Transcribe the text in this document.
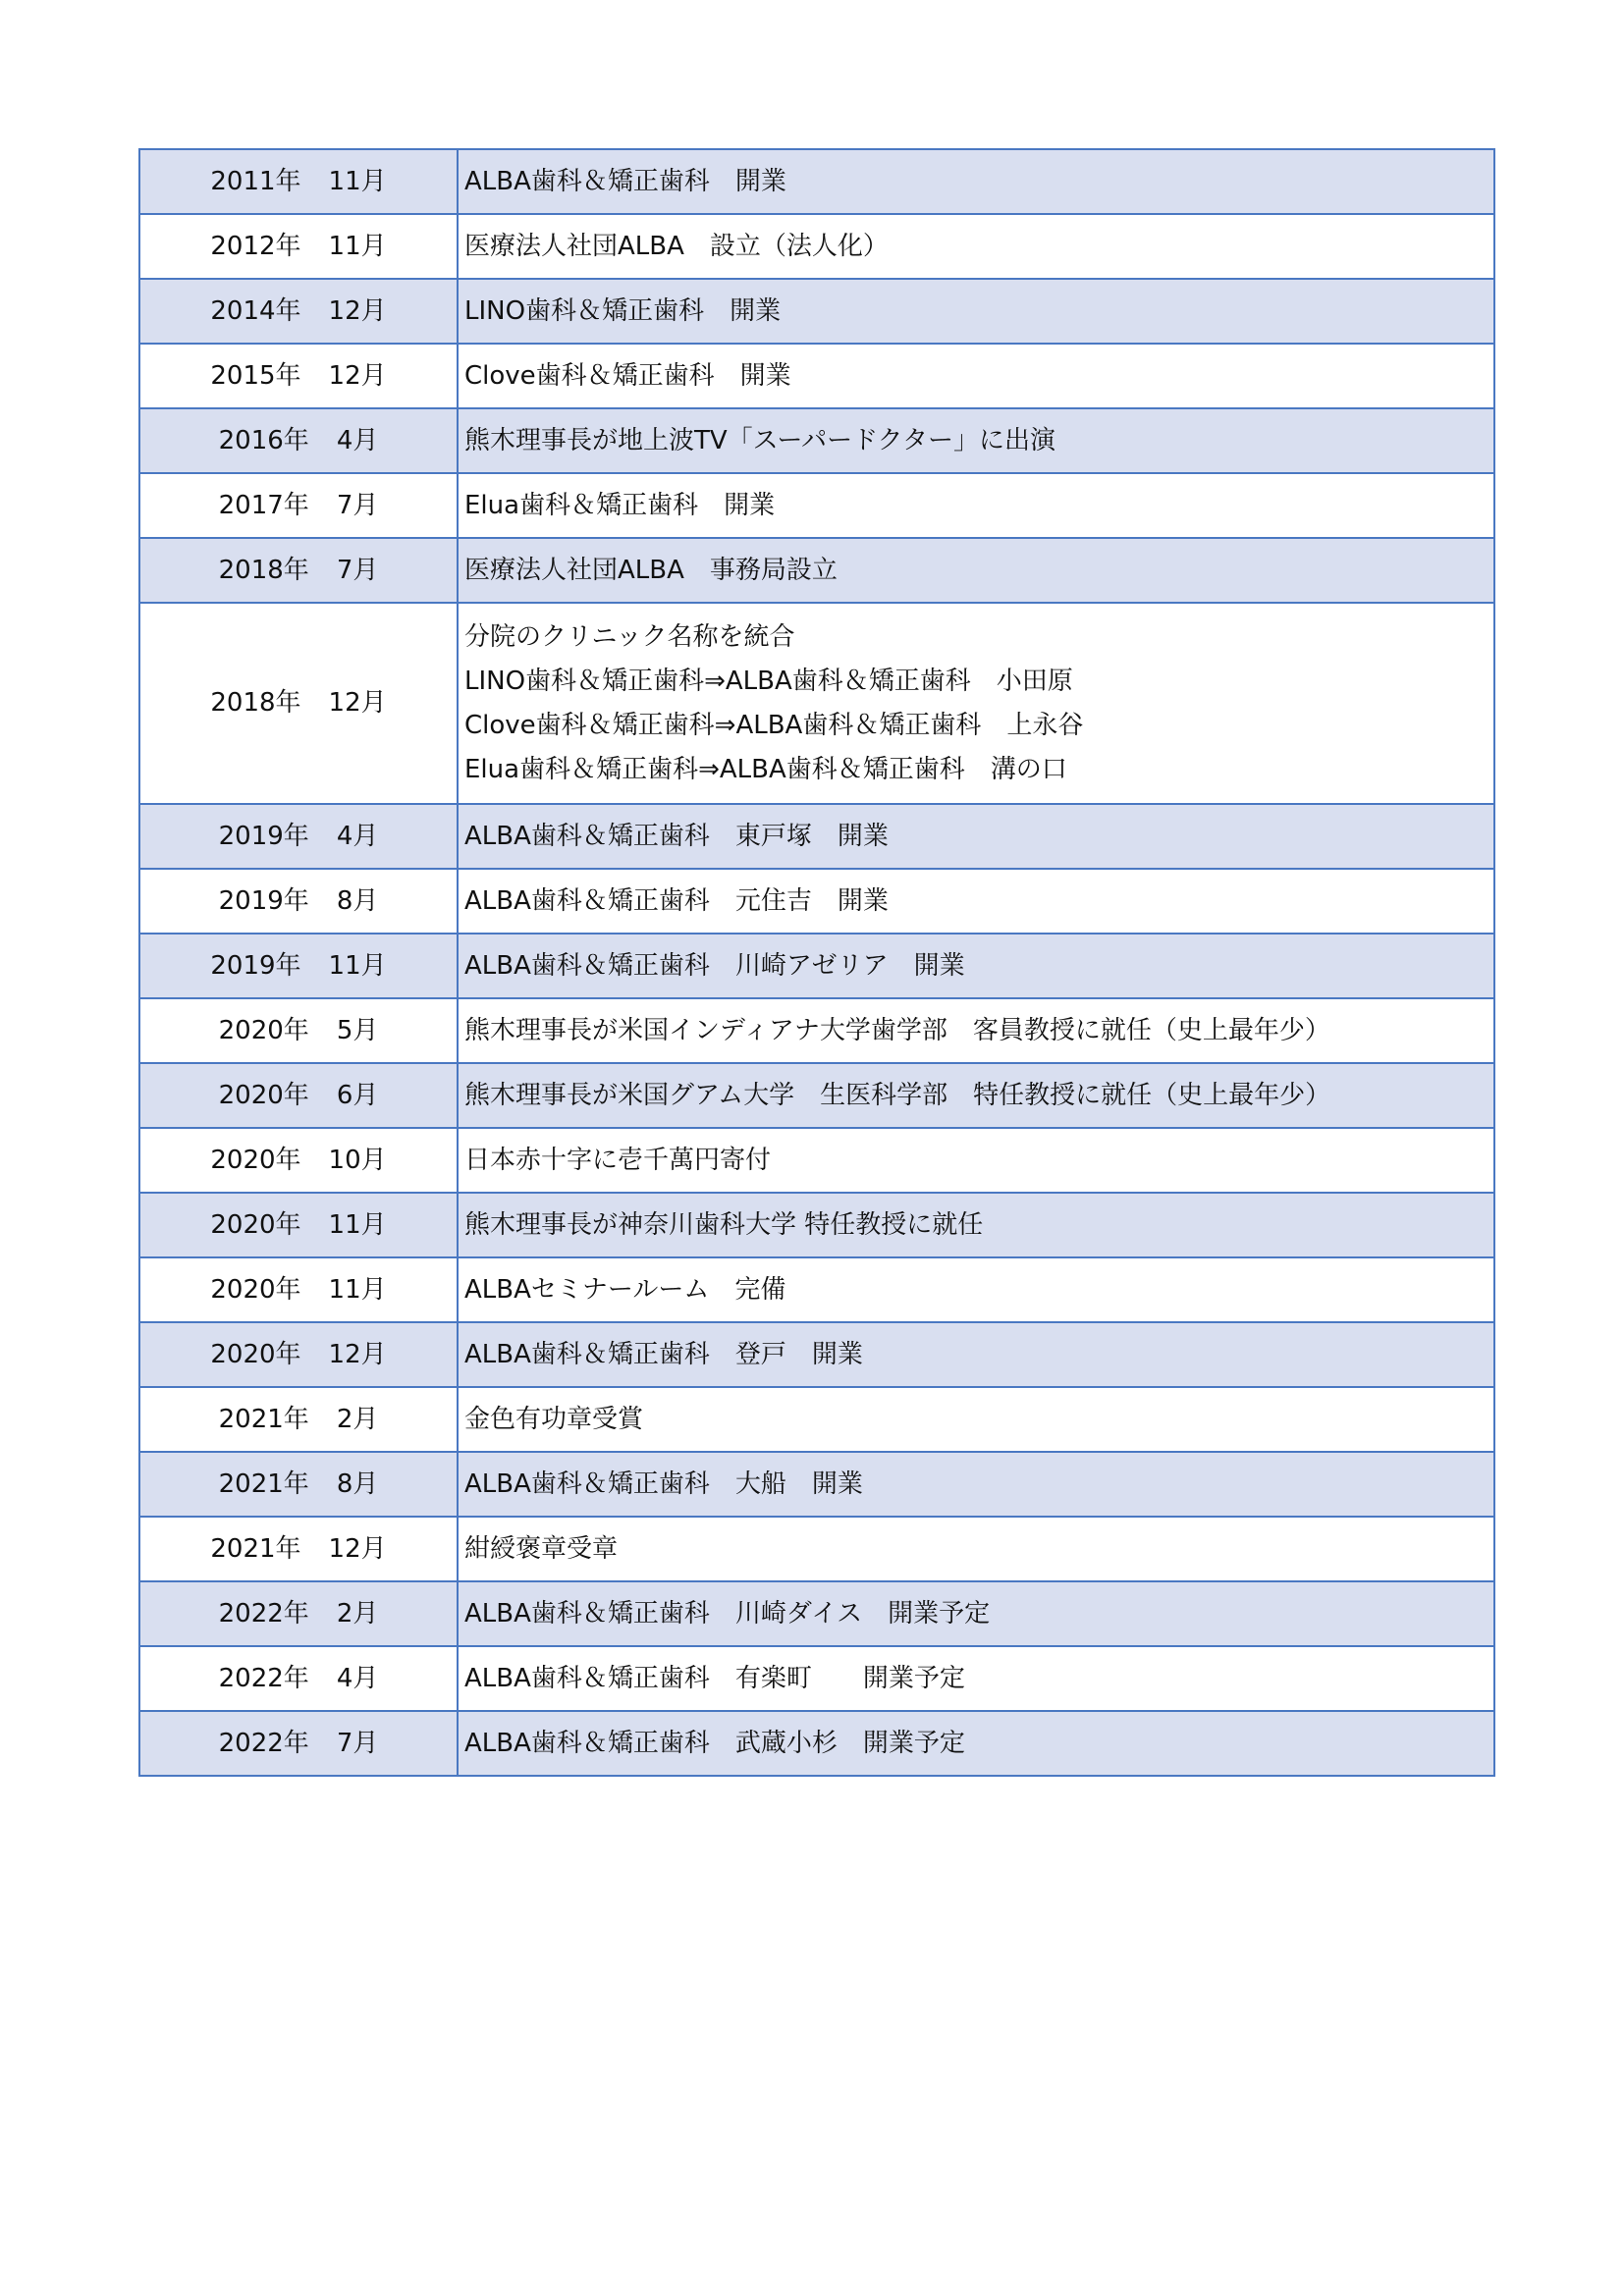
2011年 11月	ALBA歯科＆矯正歯科　開業

2012年 11月	医療法人社団ALBA　設立（法人化）

2014年 12月	LINO歯科＆矯正歯科　開業

2015年 12月	Clove歯科＆矯正歯科　開業

2016年 4月	熊木理事長が地上波TV「スーパードクター」に出演

2017年 7月	Elua歯科＆矯正歯科　開業

2018年 7月	医療法人社団ALBA　事務局設立

2018年 12月	分院のクリニック名称を統合
LINO歯科＆矯正歯科⇒ALBA歯科＆矯正歯科　小田原
Clove歯科＆矯正歯科⇒ALBA歯科＆矯正歯科　上永谷
Elua歯科＆矯正歯科⇒ALBA歯科＆矯正歯科　溝の口

2019年 4月	ALBA歯科＆矯正歯科　東戸塚　開業

2019年 8月	ALBA歯科＆矯正歯科　元住吉　開業

2019年 11月	ALBA歯科＆矯正歯科　川崎アゼリア　開業

2020年 5月	熊木理事長が米国インディアナ大学歯学部　客員教授に就任（史上最年少）

2020年 6月	熊木理事長が米国グアム大学　生医科学部　特任教授に就任（史上最年少）

2020年 10月	日本赤十字に壱千萬円寄付

2020年 11月	熊木理事長が神奈川歯科大学 特任教授に就任

2020年 11月	ALBAセミナールーム　完備

2020年 12月	ALBA歯科＆矯正歯科　登戸　開業

2021年 2月	金色有功章受賞

2021年 8月	ALBA歯科＆矯正歯科　大船　開業

2021年 12月	紺綬褒章受章

2022年 2月	ALBA歯科＆矯正歯科　川崎ダイス　開業予定

2022年 4月	ALBA歯科＆矯正歯科　有楽町　　開業予定

2022年 7月	ALBA歯科＆矯正歯科　武蔵小杉　開業予定
